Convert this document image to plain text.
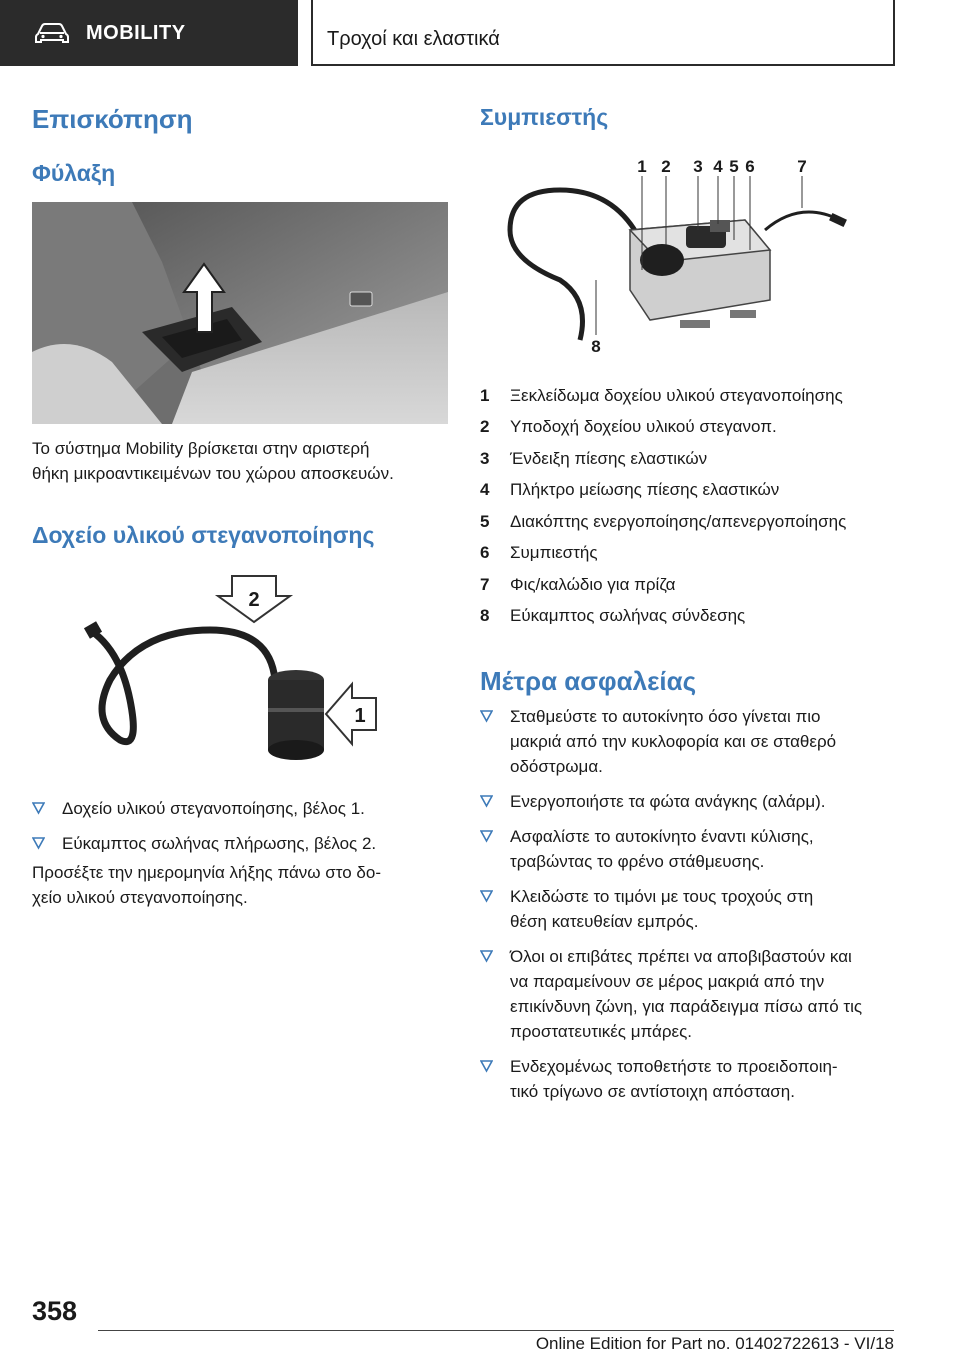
MOBILITY	Τροχοί και ελαστικά
Επισκόπηση
Φύλαξη
Το σύστημα Mobility βρίσκεται στην αριστερή
θήκη μικροαντικειμένων του χώρου αποσκευών.
Δοχείο υλικού στεγανοποίησης
2
1
Δοχείο υλικού στεγανοποίησης, βέλος 1.
Εύκαμπτος σωλήνας πλήρωσης, βέλος 2.
Προσέξτε την ημερομηνία λήξης πάνω στο δο-
χείο υλικού στεγανοποίησης.
Συμπιεστής
1 2 3 4 5 6	7
8
1	Ξεκλείδωμα δοχείου υλικού στεγανοποίησης
2	Υποδοχή δοχείου υλικού στεγανοπ.
3	Ένδειξη πίεσης ελαστικών
4	Πλήκτρο μείωσης πίεσης ελαστικών
5	Διακόπτης ενεργοποίησης/απενεργοποίησης
6	Συμπιεστής
7	Φις/καλώδιο για πρίζα
8	Εύκαμπτος σωλήνας σύνδεσης
Μέτρα ασφαλείας
Σταθμεύστε το αυτοκίνητο όσο γίνεται πιο
μακριά από την κυκλοφορία και σε σταθερό
οδόστρωμα.
Ενεργοποιήστε τα φώτα ανάγκης (αλάρμ).
Ασφαλίστε το αυτοκίνητο έναντι κύλισης,
τραβώντας το φρένο στάθμευσης.
Κλειδώστε το τιμόνι με τους τροχούς στη
θέση κατευθείαν εμπρός.
Όλοι οι επιβάτες πρέπει να αποβιβαστούν και
να παραμείνουν σε μέρος μακριά από την
επικίνδυνη ζώνη, για παράδειγμα πίσω από τις
προστατευτικές μπάρες.
Ενδεχομένως τοποθετήστε το προειδοποιη-
τικό τρίγωνο σε αντίστοιχη απόσταση.
358
Online Edition for Part no. 01402722613 - VI/18
